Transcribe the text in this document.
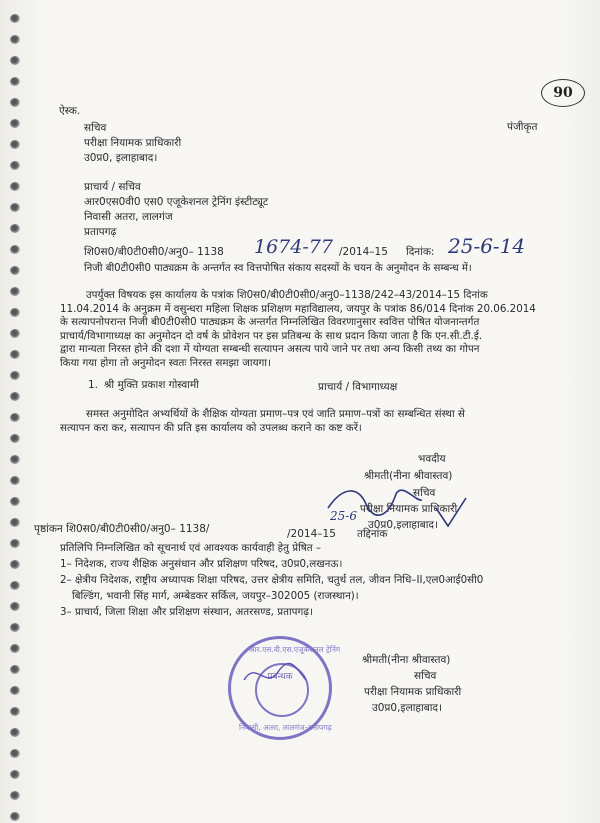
90
ऐस्क.
पंजीकृत
सचिव
परीक्षा नियामक प्राधिकारी
उ0प्र0, इलाहाबाद।
प्राचार्य / सचिव
आर0एस0वी0 एस0 एजूकेशनल ट्रेनिंग इंस्टीट्यूट
निवासी अतरा, लालगंज
प्रतापगढ़
शि0स0/बी0टी0सी0/अनु0– 1138 1674-77 /2014–15 दिनांक: 25-6-14
निजी बी0टी0सी0 पाठ्यक्रम के अन्तर्गत स्व वित्तपोषित संकाय सदस्यों के चयन के अनुमोदन के सम्बन्ध में।
उपर्युक्त विषयक इस कार्यालय के पत्रांक शि0स0/बी0टी0सी0/अनु0–1138/242–43/2014–15 दिनांक
11.04.2014 के अनुक्रम में वसुन्धरा महिला शिक्षक प्रशिक्षण महाविद्यालय, जयपुर के पत्रांक 86/014 दिनांक 20.06.2014
के सत्यापनोपरान्त निजी बी0टी0सी0 पाठ्यक्रम के अन्तर्गत निम्नलिखित विवरणानुसार स्ववित्त पोषित योजनान्तर्गत
प्राचार्य/विभागाध्यक्ष का अनुमोदन दो वर्ष के प्रोवेशन पर इस प्रतिबन्ध के साथ प्रदान किया जाता है कि एन.सी.टी.ई.
द्वारा मान्यता निरस्त होने की दशा में योग्यता सम्बन्धी सत्यापन असत्य पाये जाने पर तथा अन्य किसी तथ्य का गोपन
किया गया होगा तो अनुमोदन स्वतः निरस्त समझा जायगा।
1. श्री मुक्ति प्रकाश गोस्वामी	प्राचार्य / विभागाध्यक्ष
समस्त अनुमोदित अभ्यर्थियों के शैक्षिक योग्यता प्रमाण–पत्र एवं जाति प्रमाण–पत्रों का सम्बन्धित संस्था से
सत्यापन करा कर, सत्यापन की प्रति इस कार्यालय को उपलब्ध कराने का कष्ट करें।
भवदीय
श्रीमती(नीना श्रीवास्तव)
सचिव
परीक्षा नियामक प्राधिकारी
उ0प्र0,इलाहाबाद।
25-6
पृष्ठांकन शि0स0/बी0टी0सी0/अनु0– 1138/	/2014–15 तद्दिनांक
प्रतिलिपि निम्नलिखित को सूचनार्थ एवं आवश्यक कार्यवाही हेतु प्रेषित –
1– निदेशक, राज्य शैक्षिक अनुसंधान और प्रशिक्षण परिषद, उ0प्र0,लखनऊ।
2– क्षेत्रीय निदेशक, राष्ट्रीय अध्यापक शिक्षा परिषद, उत्तर क्षेत्रीय समिति, चतुर्थ तल, जीवन निधि–II,एल0आई0सी0
बिल्डिंग, भवानी सिंह मार्ग, अम्बेडकर सर्किल, जयपुर–302005 (राजस्थान)।
3– प्राचार्य, जिला शिक्षा और प्रशिक्षण संस्थान, अतरसण्ड, प्रतापगढ़।
श्रीमती(नीना श्रीवास्तव)
सचिव
परीक्षा नियामक प्राधिकारी
उ0प्र0,इलाहाबाद।
आर.एस.वी.एस.एजूकेशनल ट्रेनिंग
प्रबन्धक
निवासी, अतरा, लालगंज–प्रतापगढ़
